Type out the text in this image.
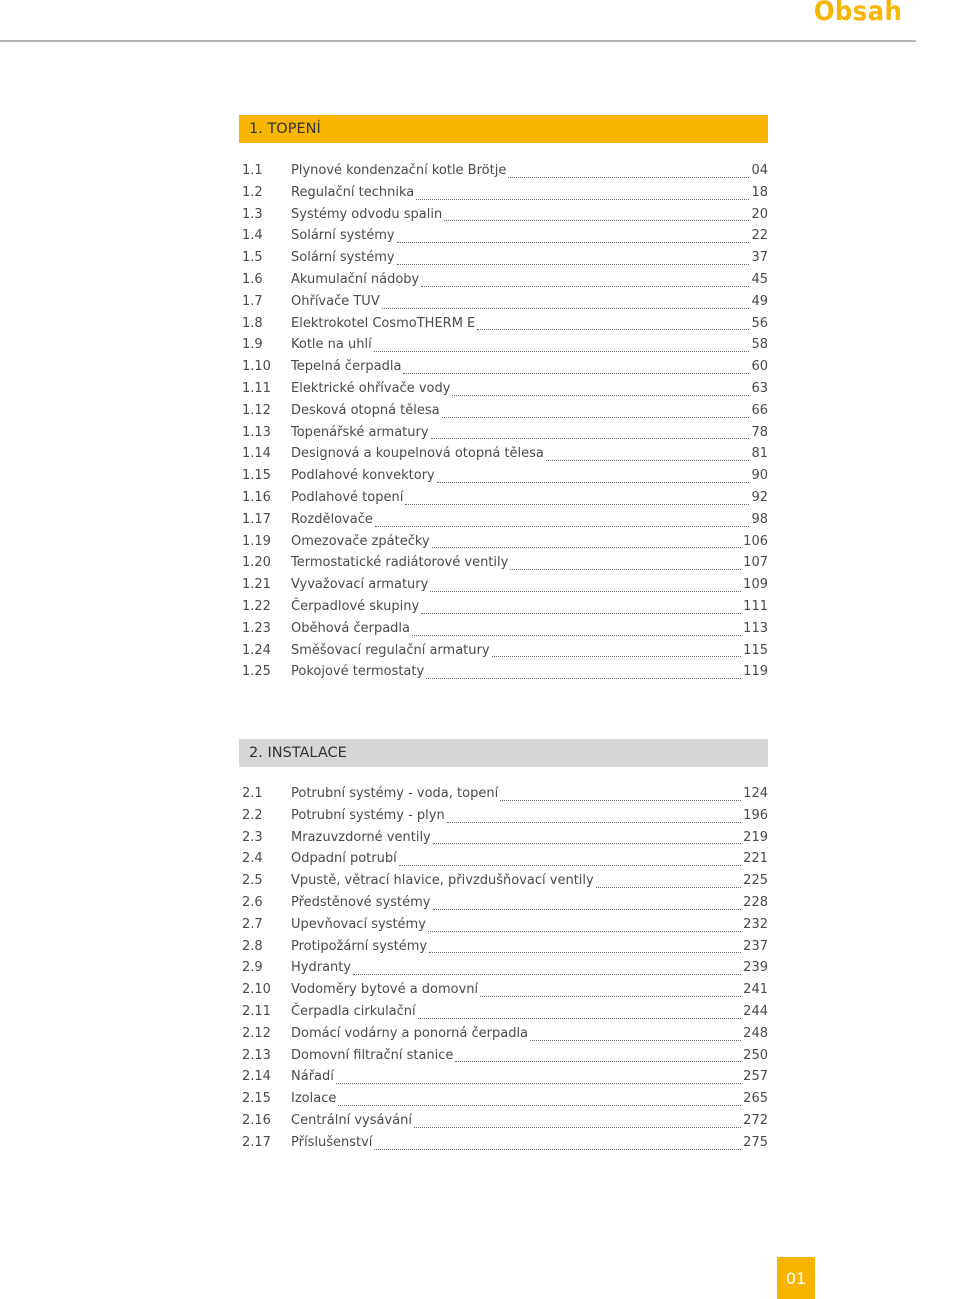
Obsah
1. TOPENÍ
1.1	Plynové kondenzační kotle Brötje	04
1.2	Regulační technika	18
1.3	Systémy odvodu spalin	20
1.4	Solární systémy	22
1.5	Solární systémy	37
1.6	Akumulační nádoby	45
1.7	Ohřívače TUV	49
1.8	Elektrokotel CosmoTHERM E	56
1.9	Kotle na uhlí	58
1.10	Tepelná čerpadla	60
1.11	Elektrické ohřívače vody	63
1.12	Desková otopná tělesa	66
1.13	Topenářské armatury	78
1.14	Designová a koupelnová otopná tělesa	81
1.15	Podlahové konvektory	90
1.16	Podlahové topení	92
1.17	Rozdělovače	98
1.19	Omezovače zpátečky	106
1.20	Termostatické radiátorové ventily	107
1.21	Vyvažovací armatury	109
1.22	Čerpadlové skupiny	111
1.23	Oběhová čerpadla	113
1.24	Směšovací regulační armatury	115
1.25	Pokojové termostaty	119
2. INSTALACE
2.1	Potrubní systémy - voda, topení	124
2.2	Potrubní systémy - plyn	196
2.3	Mrazuvzdorné ventily	219
2.4	Odpadní potrubí	221
2.5	Vpustě, větrací hlavice, přivzdušňovací ventily	225
2.6	Předstěnové systémy	228
2.7	Upevňovací systémy	232
2.8	Protipožární systémy	237
2.9	Hydranty	239
2.10	Vodoměry bytové a domovní	241
2.11	Čerpadla cirkulační	244
2.12	Domácí vodárny a ponorná čerpadla	248
2.13	Domovní filtrační stanice	250
2.14	Nářadí	257
2.15	Izolace	265
2.16	Centrální vysávání	272
2.17	Příslušenství	275
01
